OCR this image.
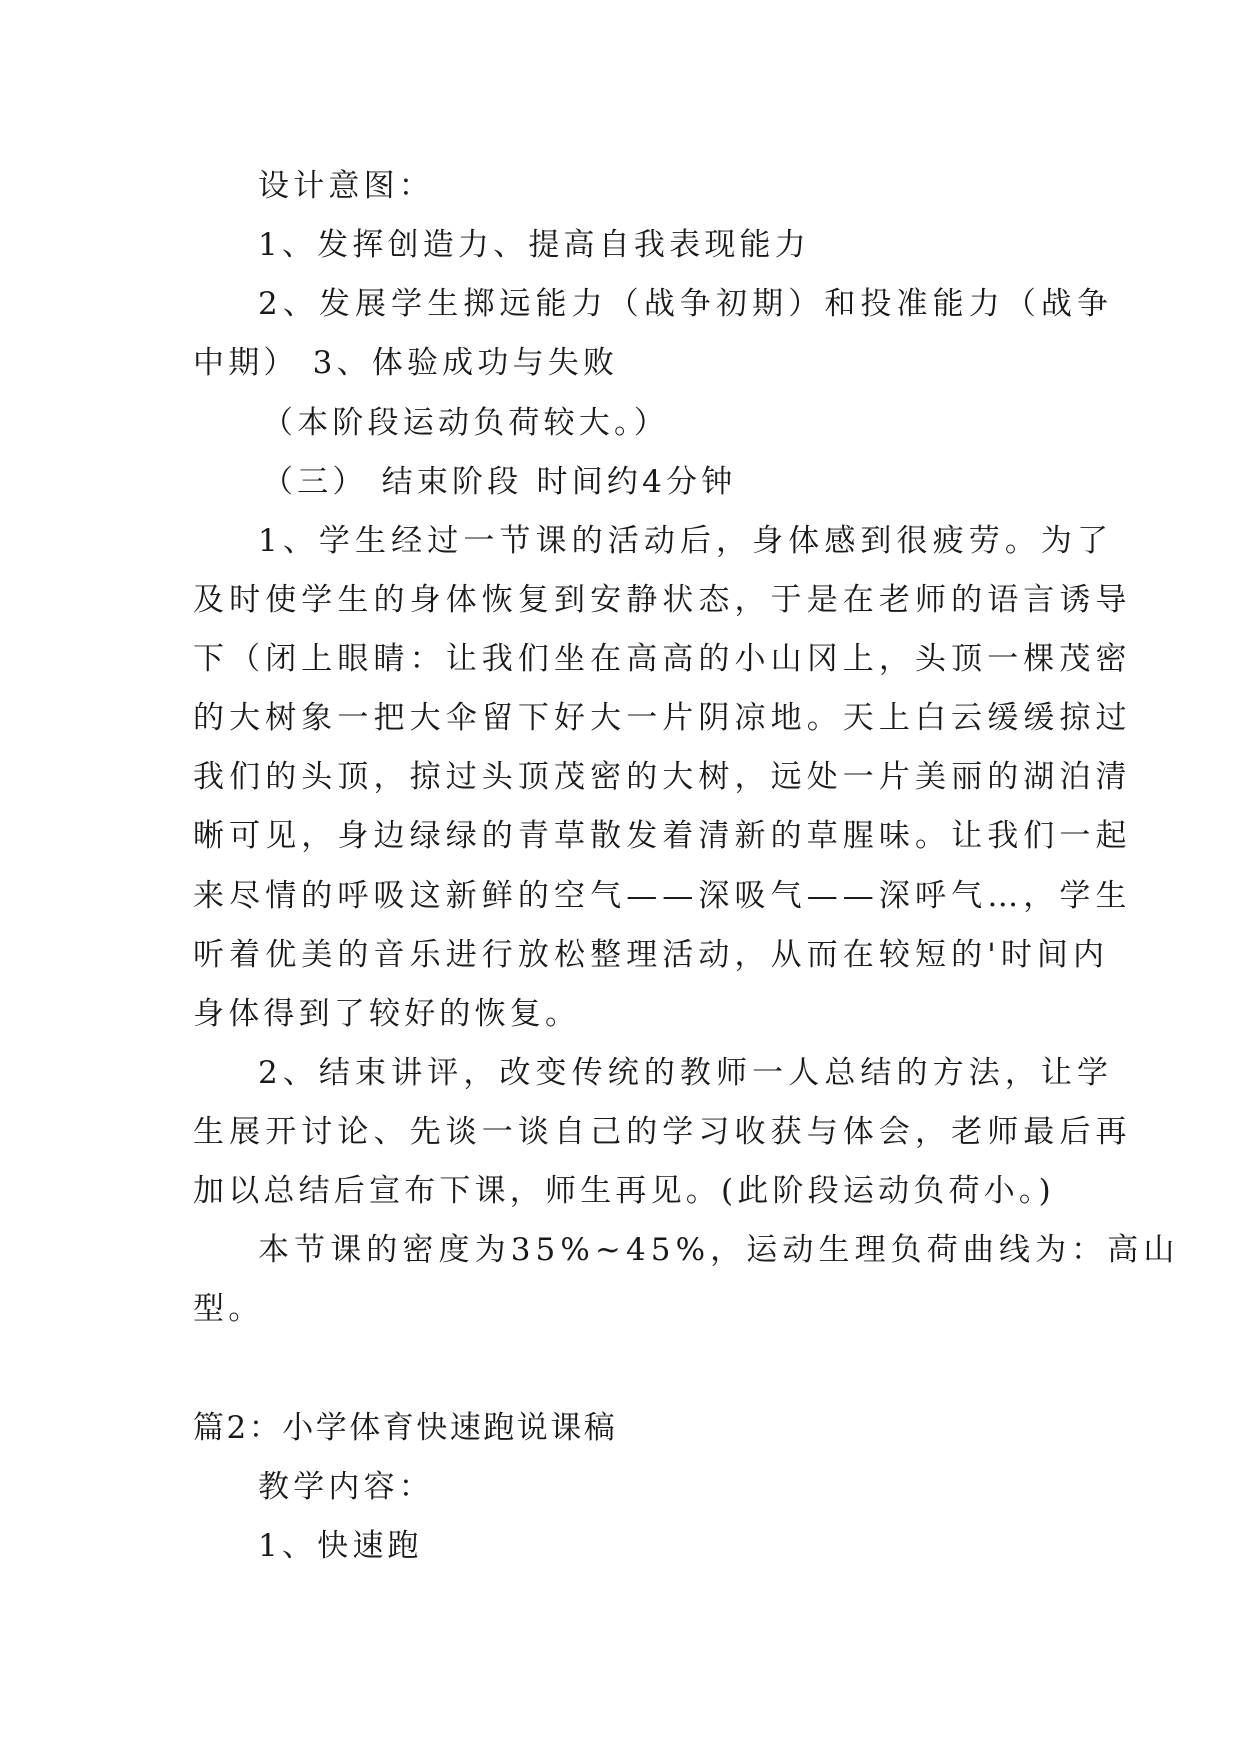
设计意图：
1、发挥创造力、提高自我表现能力
2、发展学生掷远能力（战争初期）和投准能力（战争
中期） 3、体验成功与失败
（本阶段运动负荷较大。）
（三） 结束阶段 时间约4分钟
1、学生经过一节课的活动后，身体感到很疲劳。为了
及时使学生的身体恢复到安静状态，于是在老师的语言诱导
下（闭上眼睛：让我们坐在高高的小山冈上，头顶一棵茂密
的大树象一把大伞留下好大一片阴凉地。天上白云缓缓掠过
我们的头顶，掠过头顶茂密的大树，远处一片美丽的湖泊清
晰可见，身边绿绿的青草散发着清新的草腥味。让我们一起
来尽情的呼吸这新鲜的空气——深吸气——深呼气…，学生
听着优美的音乐进行放松整理活动，从而在较短的'时间内
身体得到了较好的恢复。
2、结束讲评，改变传统的教师一人总结的方法，让学
生展开讨论、先谈一谈自己的学习收获与体会，老师最后再
加以总结后宣布下课，师生再见。(此阶段运动负荷小。)
本节课的密度为35%~45%，运动生理负荷曲线为：高山
型。
篇2：小学体育快速跑说课稿
教学内容：
1、快速跑
